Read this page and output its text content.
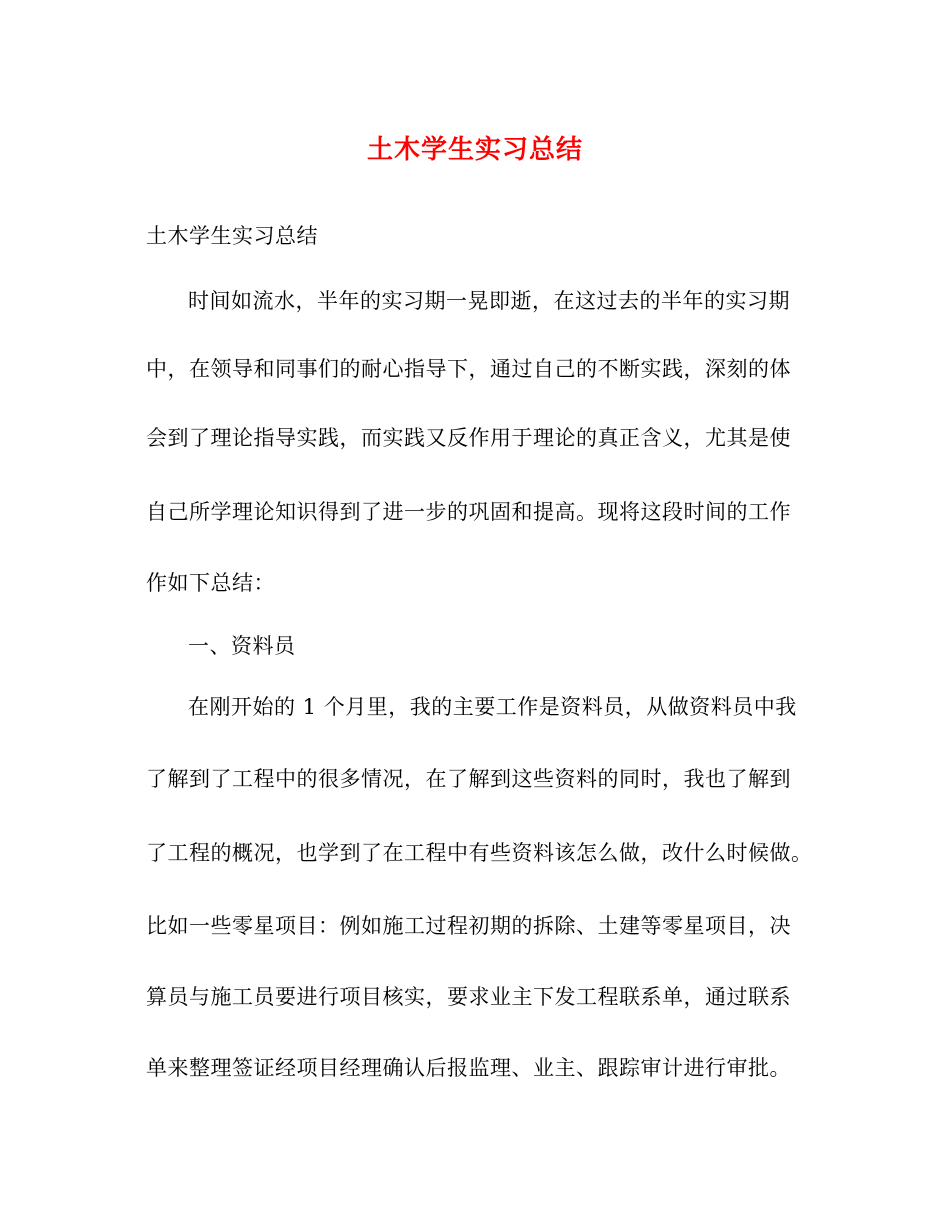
土木学生实习总结
土木学生实习总结
时间如流水，半年的实习期一晃即逝，在这过去的半年的实习期
中，在领导和同事们的耐心指导下，通过自己的不断实践，深刻的体
会到了理论指导实践，而实践又反作用于理论的真正含义，尤其是使
自己所学理论知识得到了进一步的巩固和提高。现将这段时间的工作
作如下总结：
一、资料员
在刚开始的 1 个月里，我的主要工作是资料员，从做资料员中我
了解到了工程中的很多情况，在了解到这些资料的同时，我也了解到
了工程的概况，也学到了在工程中有些资料该怎么做，改什么时候做。
比如一些零星项目：例如施工过程初期的拆除、土建等零星项目，决
算员与施工员要进行项目核实，要求业主下发工程联系单，通过联系
单来整理签证经项目经理确认后报监理、业主、跟踪审计进行审批。
